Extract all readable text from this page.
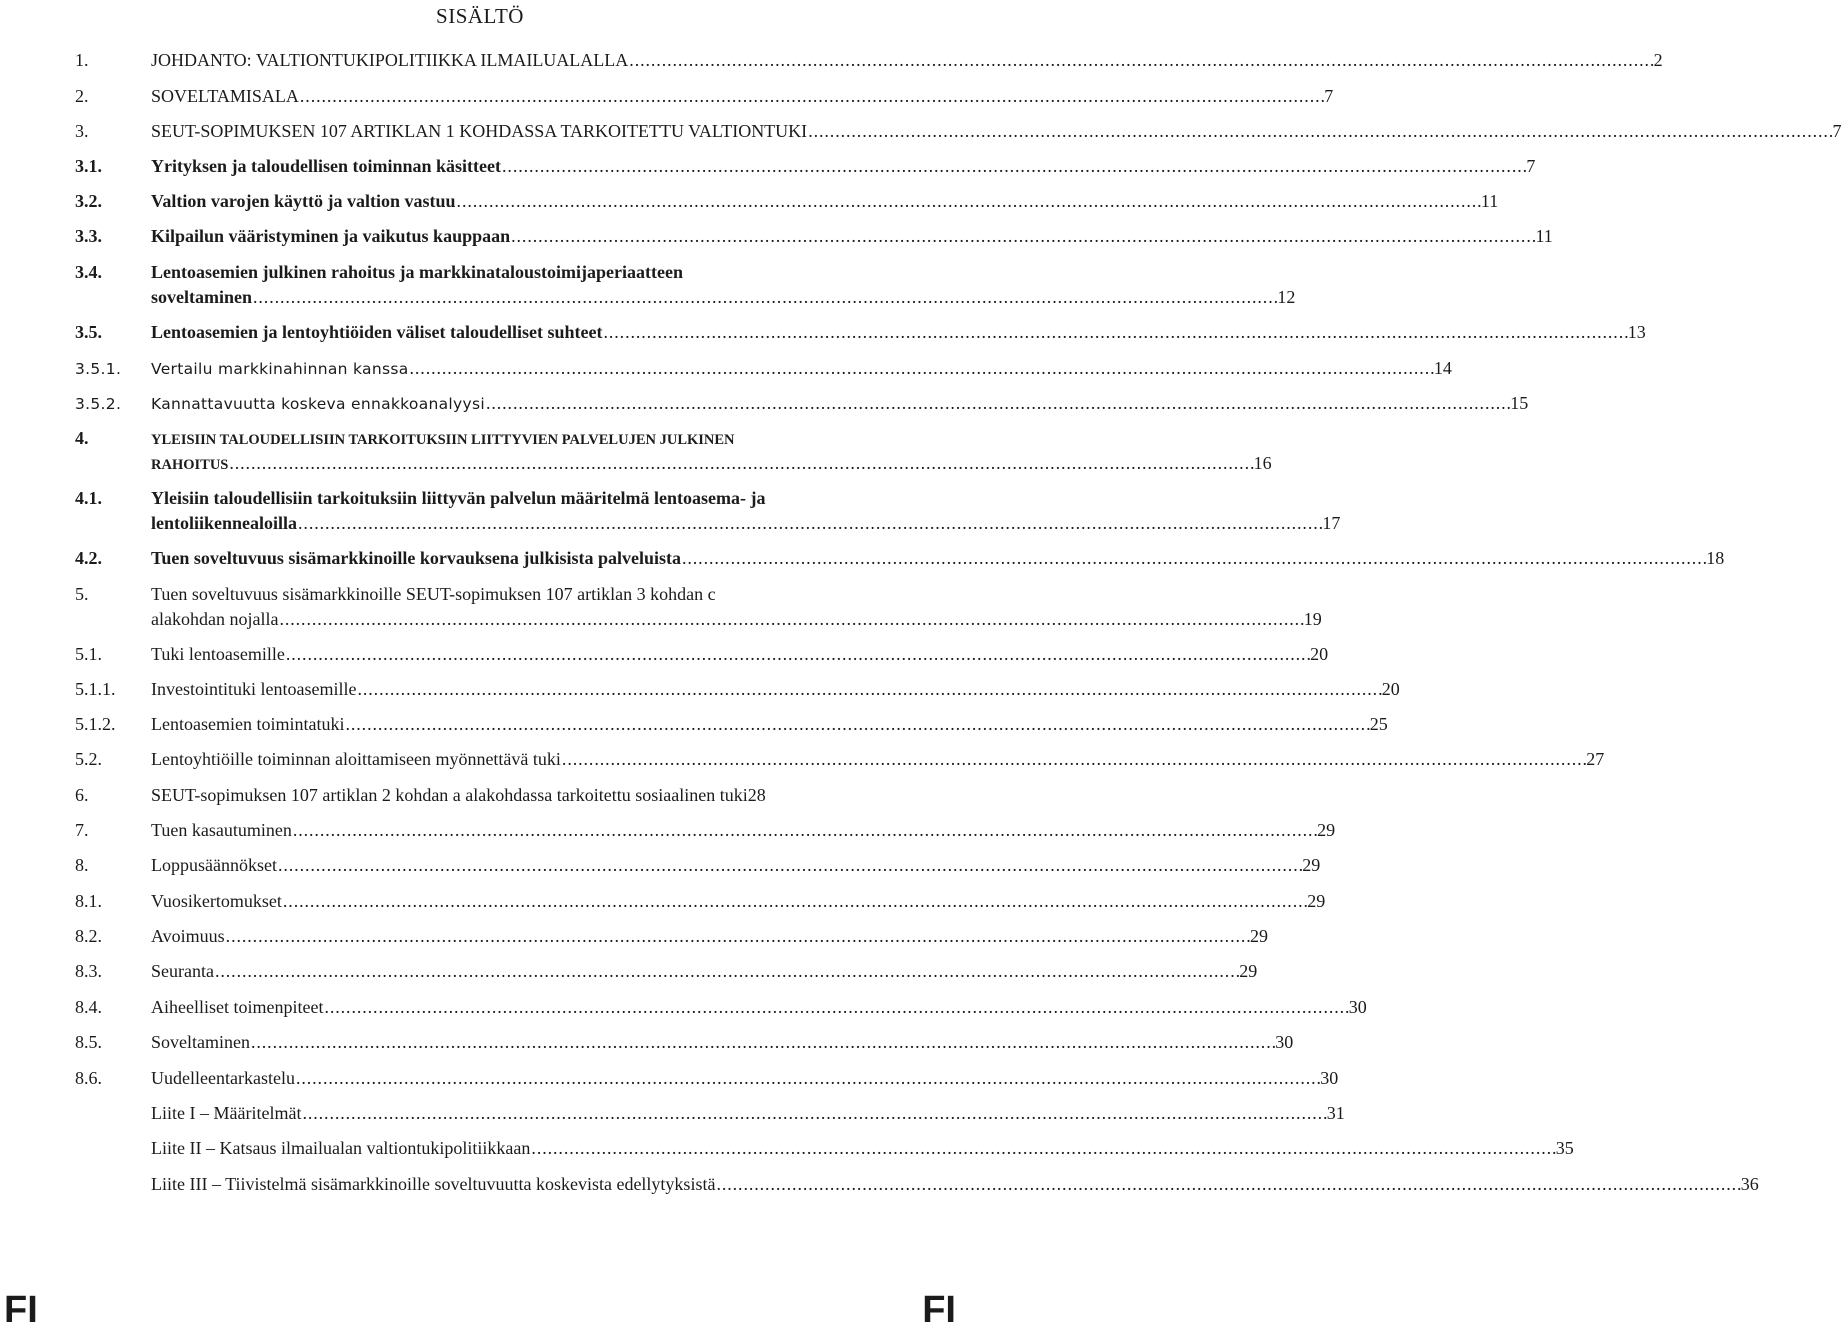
SISÄLTÖ
1.	JOHDANTO: VALTIONTUKIPOLITIIKKA ILMAILUALALLA . . .	2
2.	SOVELTAMISALA . . .	7
3.	SEUT-SOPIMUKSEN 107 ARTIKLAN 1 KOHDASSA TARKOITETTU VALTIONTUKI . . .	7
3.1.	Yrityksen ja taloudellisen toiminnan käsitteet . . .	7
3.2.	Valtion varojen käyttö ja valtion vastuu . . .	11
3.3.	Kilpailun vääristyminen ja vaikutus kauppaan . . .	11
3.4.	Lentoasemien julkinen rahoitus ja markkinataloustoimijaperiaatteen
soveltaminen . . .	12
3.5.	Lentoasemien ja lentoyhtiöiden väliset taloudelliset suhteet . . .	13
3.5.1.	Vertailu markkinahinnan kanssa . . .	14
3.5.2.	Kannattavuutta koskeva ennakkoanalyysi . . .	15
4.	YLEISIIN TALOUDELLISIIN TARKOITUKSIIN LIITTYVIEN PALVELUJEN JULKINEN
RAHOITUS . . .	16
4.1.	Yleisiin taloudellisiin tarkoituksiin liittyvän palvelun määritelmä lentoasema- ja
lentoliikennealoilla . . .	17
4.2.	Tuen soveltuvuus sisämarkkinoille korvauksena julkisista palveluista . . .	18
5.	Tuen soveltuvuus sisämarkkinoille SEUT-sopimuksen 107 artiklan 3 kohdan c
alakohdan nojalla . . .	19
5.1.	Tuki lentoasemille . . .	20
5.1.1.	Investointituki lentoasemille . . .	20
5.1.2.	Lentoasemien toimintatuki . . .	25
5.2.	Lentoyhtiöille toiminnan aloittamiseen myönnettävä tuki . . .	27
6.	SEUT-sopimuksen 107 artiklan 2 kohdan a alakohdassa tarkoitettu sosiaalinen tuki 28
7.	Tuen kasautuminen . . .	29
8.	Loppusäännökset . . .	29
8.1.	Vuosikertomukset . . .	29
8.2.	Avoimuus . . .	29
8.3.	Seuranta . . .	29
8.4.	Aiheelliset toimenpiteet . . .	30
8.5.	Soveltaminen . . .	30
8.6.	Uudelleentarkastelu . . .	30
Liite I – Määritelmät . . .	31
Liite II – Katsaus ilmailualan valtiontukipolitiikkaan . . .	35
Liite III – Tiivistelmä sisämarkkinoille soveltuvuutta koskevista edellytyksistä . . .	36
FI	FI
